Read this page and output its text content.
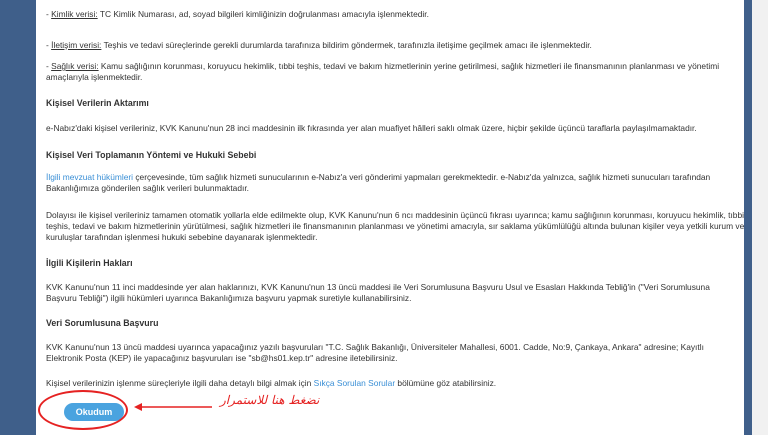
- Kimlik verisi: TC Kimlik Numarası, ad, soyad bilgileri kimliğinizin doğrulanması amacıyla işlenmektedir.

- İletişim verisi: Teşhis ve tedavi süreçlerinde gerekli durumlarda tarafınıza bildirim göndermek, tarafınızla iletişime geçilmek amacı ile işlenmektedir.

- Sağlık verisi: Kamu sağlığının korunması, koruyucu hekimlik, tıbbi teşhis, tedavi ve bakım hizmetlerinin yerine getirilmesi, sağlık hizmetleri ile finansmanının planlanması ve yönetimi amaçlarıyla işlenmektedir.

Kişisel Verilerin Aktarımı

e-Nabız'daki kişisel verileriniz, KVK Kanunu'nun 28 inci maddesinin ilk fıkrasında yer alan muafiyet hâlleri saklı olmak üzere, hiçbir şekilde üçüncü taraflarla paylaşılmamaktadır.

Kişisel Veri Toplamanın Yöntemi ve Hukuki Sebebi

İlgili mevzuat hükümleri çerçevesinde, tüm sağlık hizmeti sunucularının e-Nabız'a veri gönderimi yapmaları gerekmektedir. e-Nabız'da yalnızca, sağlık hizmeti sunucuları tarafından Bakanlığımıza gönderilen sağlık verileri bulunmaktadır.

Dolayısı ile kişisel verileriniz tamamen otomatik yollarla elde edilmekte olup, KVK Kanunu'nun 6 ncı maddesinin üçüncü fıkrası uyarınca; kamu sağlığının korunması, koruyucu hekimlik, tıbbi teşhis, tedavi ve bakım hizmetlerinin yürütülmesi, sağlık hizmetleri ile finansmanının planlanması ve yönetimi amacıyla, sır saklama yükümlülüğü altında bulunan kişiler veya yetkili kurum ve kuruluşlar tarafından işlenmesi hukuki sebebine dayanarak işlenmektedir.

İlgili Kişilerin Hakları

KVK Kanunu'nun 11 inci maddesinde yer alan haklarınızı, KVK Kanunu'nun 13 üncü maddesi ile Veri Sorumlusuna Başvuru Usul ve Esasları Hakkında Tebliğ'in ("Veri Sorumlusuna Başvuru Tebliği") ilgili hükümleri uyarınca Bakanlığımıza başvuru yapmak suretiyle kullanabilirsiniz.

Veri Sorumlusuna Başvuru

KVK Kanunu'nun 13 üncü maddesi uyarınca yapacağınız yazılı başvuruları "T.C. Sağlık Bakanlığı, Üniversiteler Mahallesi, 6001. Cadde, No:9, Çankaya, Ankara" adresine; Kayıtlı Elektronik Posta (KEP) ile yapacağınız başvuruları ise "sb@hs01.kep.tr" adresine iletebilirsiniz.

Kişisel verilerinizin işlenme süreçleriyle ilgili daha detaylı bilgi almak için Sıkça Sorulan Sorular bölümüne göz atabilirsiniz.

Okudum
نضغط هنا للاستمرار
